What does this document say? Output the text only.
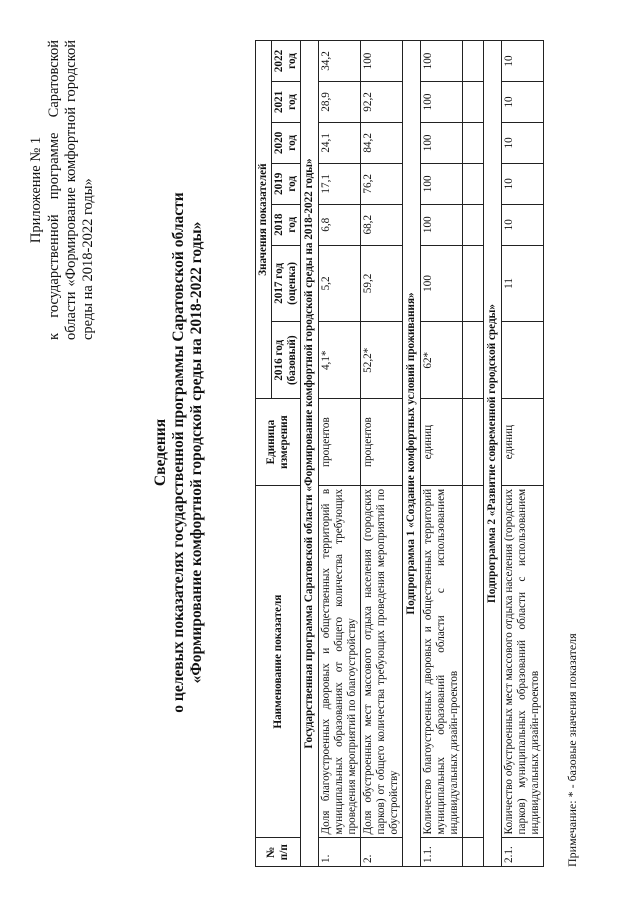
Приложение № 1 к государственной программе Саратовской области «Формирование комфортной городской среды на 2018-2022 годы»
Сведения о целевых показателях государственной программы Саратовской области «Формирование комфортной городской среды на 2018-2022 годы»
№ п/п	Наименование показателя	Единица измерения	Значения показателей						
			2016 год (базовый)	2017 год (оценка)	2018 год	2019 год	2020 год	2021 год	2022 год
Государственная программа Саратовской области «Формирование комфортной городской среды на 2018-2022 годы»									
1.	Доля благоустроенных дворовых и общественных территорий в муниципальных образованиях от общего количества требующих проведения мероприятий по благоустройству	процентов	4,1*	5,2	6,8	17,1	24,1	28,9	34,2
2.	Доля обустроенных мест массового отдыха населения (городских парков) от общего количества требующих проведения мероприятий по обустройству	процентов	52,2*	59,2	68,2	76,2	84,2	92,2	100
Подпрограмма 1 «Создание комфортных условий проживания»									
1.1.	Количество благоустроенных дворовых и общественных территорий муниципальных образований области с использованием индивидуальных дизайн-проектов	единиц	62*	100	100	100	100	100	100

Подпрограмма 2 «Развитие современной городской среды»									
2.1.	Количество обустроенных мест массового отдыха населения (городских парков) муниципальных образований области с использованием индивидуальных дизайн-проектов	единиц		11	10	10	10	10	10
Примечание: * - базовые значения показателя
